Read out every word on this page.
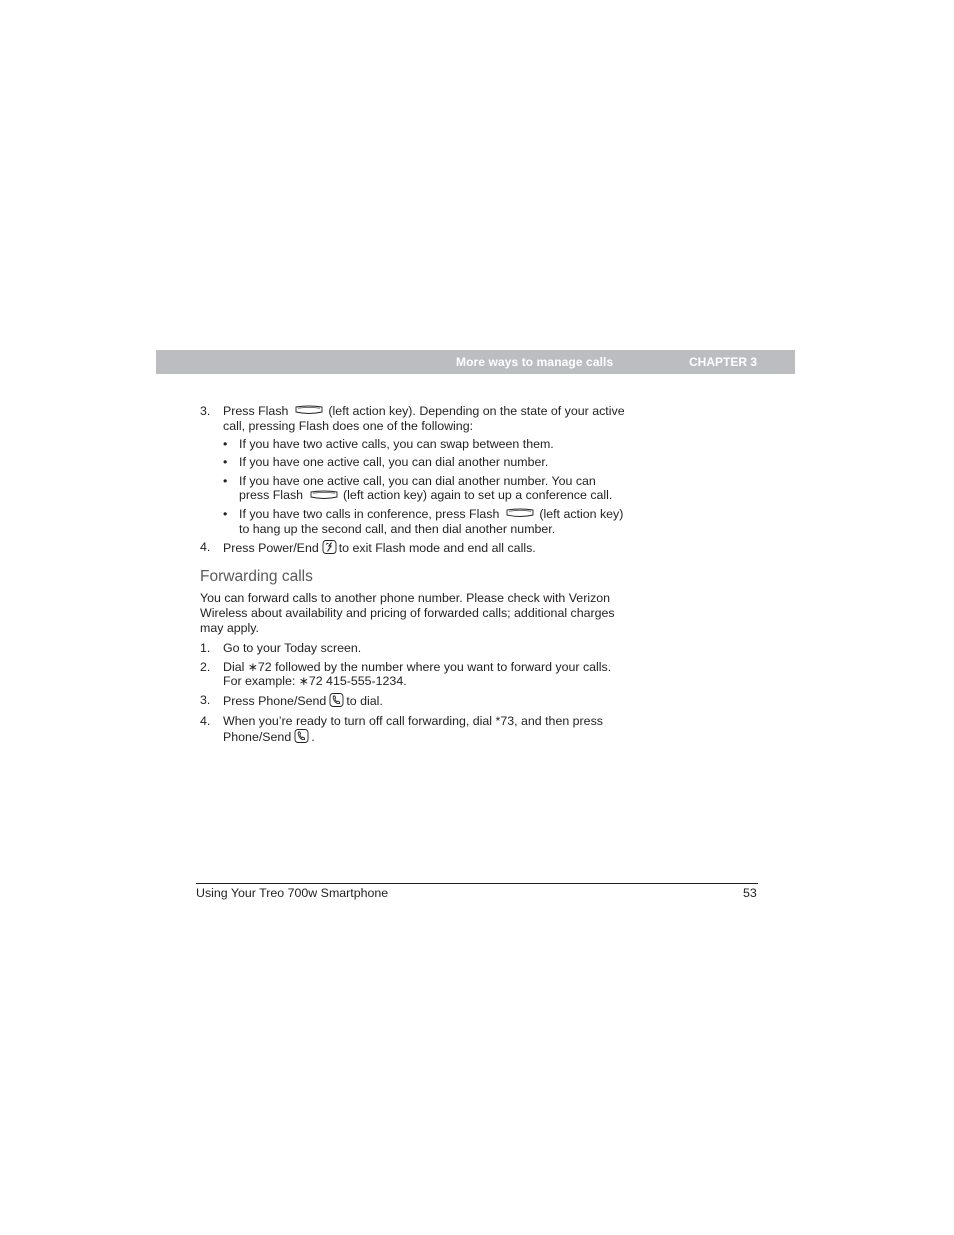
More ways to manage calls	CHAPTER 3
3. Press Flash	(left action key). Depending on the state of your active call, pressing Flash does one of the following:
• If you have two active calls, you can swap between them.
• If you have one active call, you can dial another number.
• If you have one active call, you can dial another number. You can press Flash	(left action key) again to set up a conference call.
• If you have two calls in conference, press Flash	(left action key) to hang up the second call, and then dial another number.
4. Press Power/End to exit Flash mode and end all calls.
Forwarding calls

You can forward calls to another phone number. Please check with Verizon Wireless about availability and pricing of forwarded calls; additional charges may apply.

1. Go to your Today screen.
2. Dial ∗72 followed by the number where you want to forward your calls. For example: ∗72 415-555-1234.
3. Press Phone/Send to dial.
4. When you’re ready to turn off call forwarding, dial *73, and then press Phone/Send .
Using Your Treo 700w Smartphone	53
